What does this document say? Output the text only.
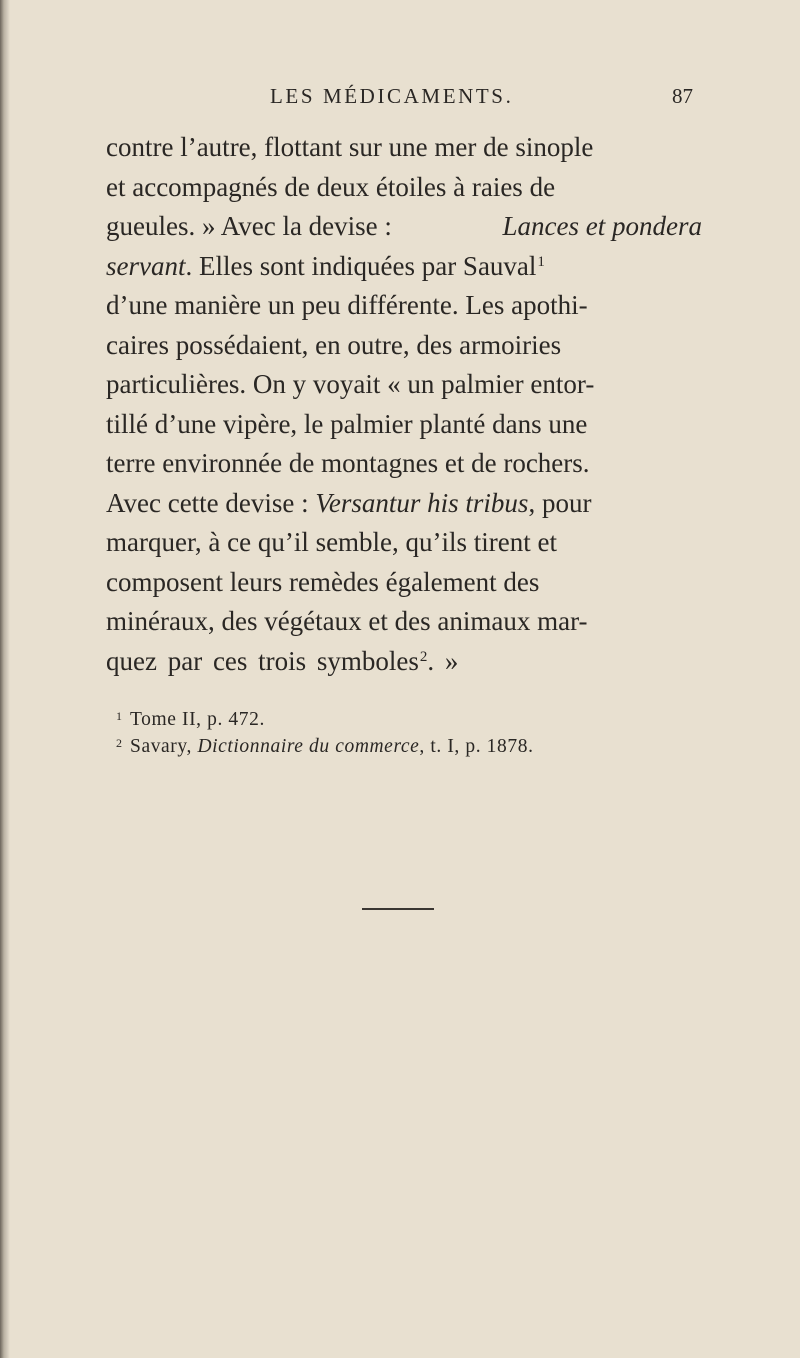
LES MÉDICAMENTS.	87
contre l’autre, flottant sur une mer de sinople
et accompagnés de deux étoiles à raies de
gueules. » Avec la devise :	Lances et pondera
servant. Elles sont indiquées par Sauval$^1$
d’une manière un peu différente. Les apothi-
caires possédaient, en outre, des armoiries
particulières. On y voyait « un palmier entor-
tillé d’une vipère, le palmier planté dans une
terre environnée de montagnes et de rochers.
Avec cette devise : Versantur his tribus, pour
marquer, à ce qu’il semble, qu’ils tirent et
composent leurs remèdes également des
minéraux, des végétaux et des animaux mar-
quez par ces trois symboles$^2$. »
1 Tome II, p. 472.
2 Savary, Dictionnaire du commerce, t. I, p. 1878.
